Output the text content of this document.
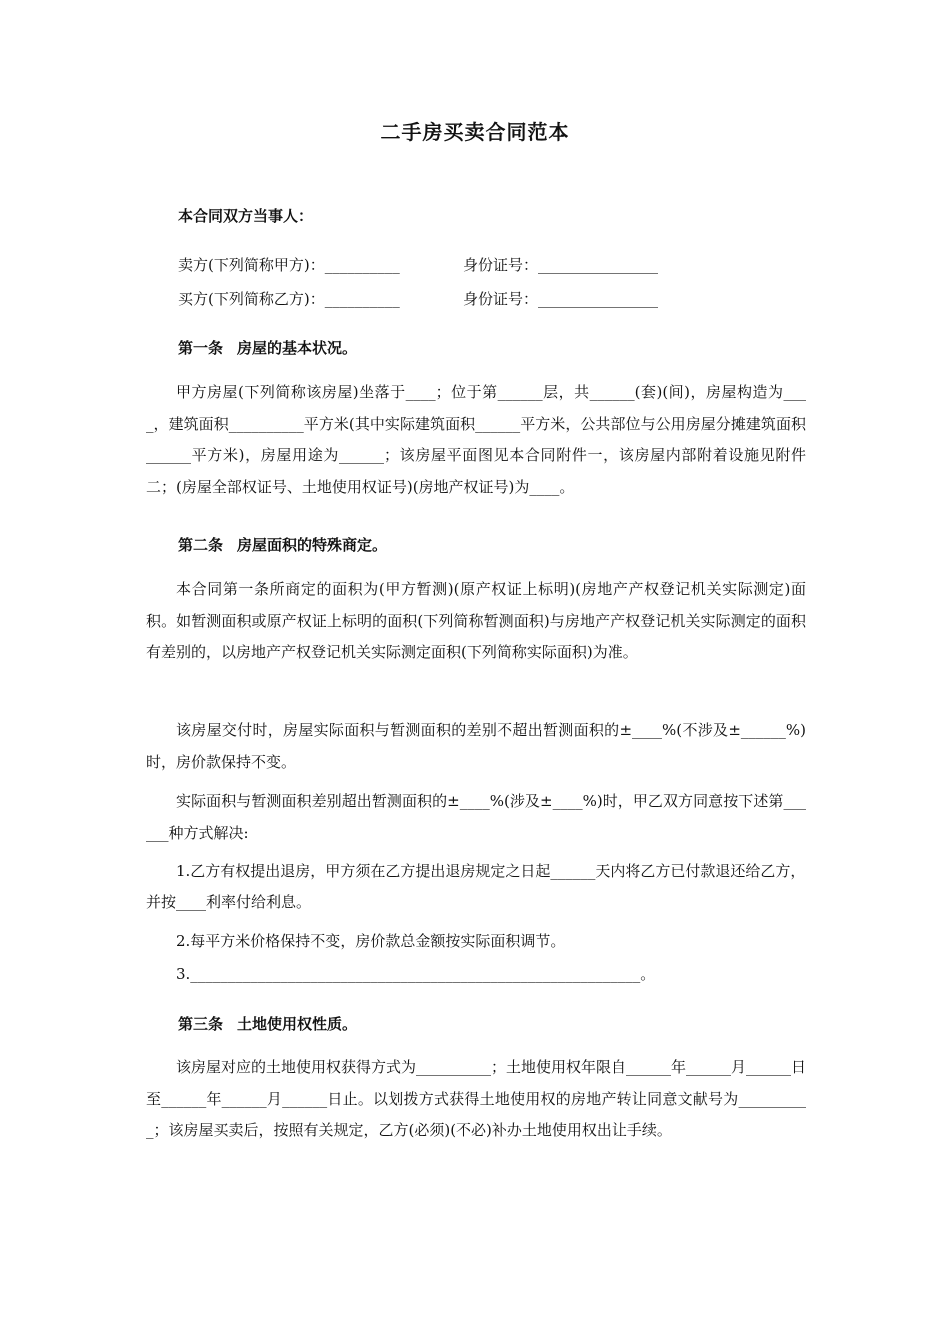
二手房买卖合同范本
本合同双方当事人：
卖方(下列简称甲方)：__________	身份证号：________________
买方(下列简称乙方)：__________	身份证号：________________
第一条 房屋的基本状况。
甲方房屋(下列简称该房屋)坐落于____；位于第______层，共______(套)(间)，房屋构造为____，建筑面积__________平方米(其中实际建筑面积______平方米，公共部位与公用房屋分摊建筑面积______平方米)，房屋用途为______；该房屋平面图见本合同附件一，该房屋内部附着设施见附件二；(房屋全部权证号、土地使用权证号)(房地产权证号)为____。
第二条 房屋面积的特殊商定。
本合同第一条所商定的面积为(甲方暂测)(原产权证上标明)(房地产产权登记机关实际测定)面积。如暂测面积或原产权证上标明的面积(下列简称暂测面积)与房地产产权登记机关实际测定的面积有差别的，以房地产产权登记机关实际测定面积(下列简称实际面积)为准。
该房屋交付时，房屋实际面积与暂测面积的差别不超出暂测面积的±____%(不涉及±______%)时，房价款保持不变。
实际面积与暂测面积差别超出暂测面积的±____%(涉及±____%)时，甲乙双方同意按下述第______种方式解决:
1.乙方有权提出退房，甲方须在乙方提出退房规定之日起______天内将乙方已付款退还给乙方，并按____利率付给利息。
2.每平方米价格保持不变，房价款总金额按实际面积调节。
3.____________________________________________________________。
第三条 土地使用权性质。
该房屋对应的土地使用权获得方式为__________；土地使用权年限自______年______月______日至______年______月______日止。以划拨方式获得土地使用权的房地产转让同意文献号为__________；该房屋买卖后，按照有关规定，乙方(必须)(不必)补办土地使用权出让手续。
